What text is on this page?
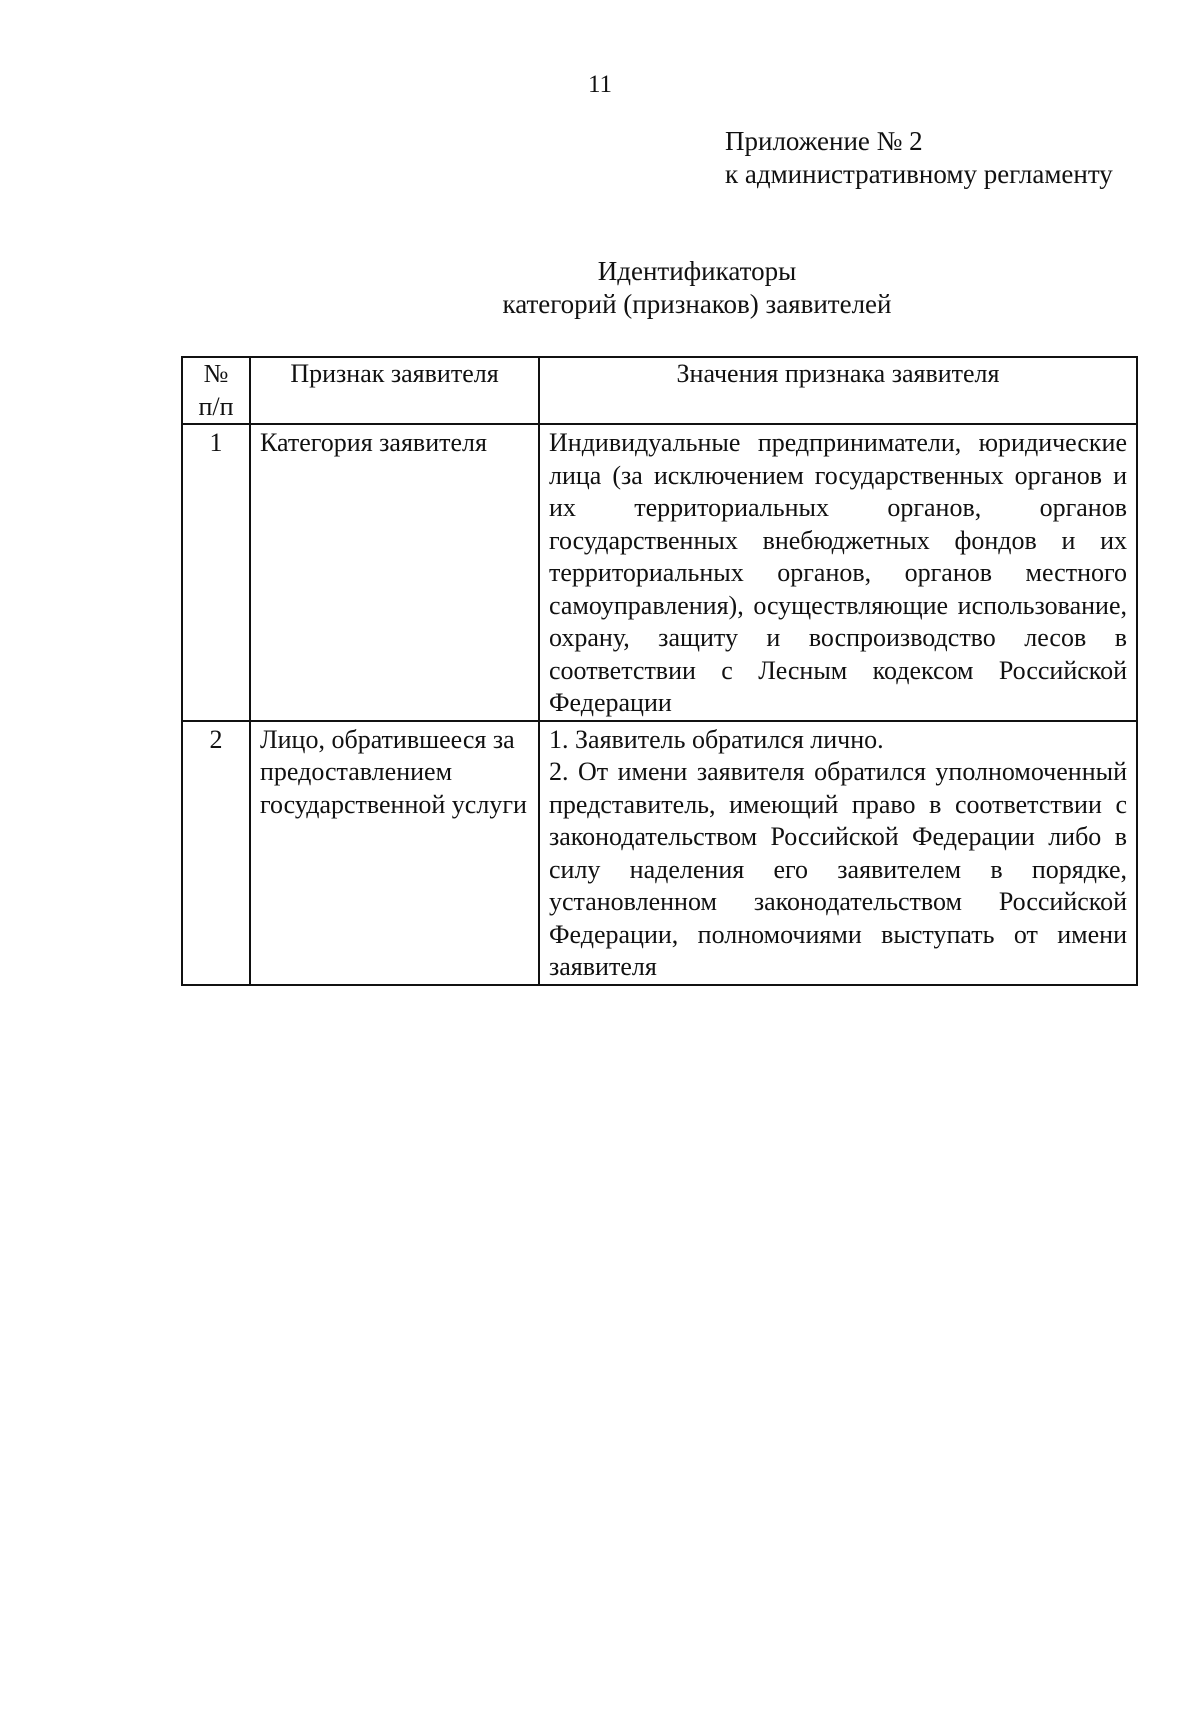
11
Приложение № 2
к административному регламенту
Идентификаторы
категорий (признаков) заявителей
№
п/п	Признак заявителя	Значения признака заявителя
1	Категория заявителя	Индивидуальные предприниматели, юридические лица (за исключением государственных органов и их территориальных органов, органов государственных внебюджетных фондов и их территориальных органов, органов местного самоуправления), осуществляющие использование, охрану, защиту и воспроизводство лесов в соответствии с Лесным кодексом Российской Федерации

2	Лицо, обратившееся за предоставлением государственной услуги	1. Заявитель обратился лично.
2. От имени заявителя обратился уполномоченный представитель, имеющий право в соответствии с законодательством Российской Федерации либо в силу наделения его заявителем в порядке, установленном законодательством Российской Федерации, полномочиями выступать от имени заявителя
